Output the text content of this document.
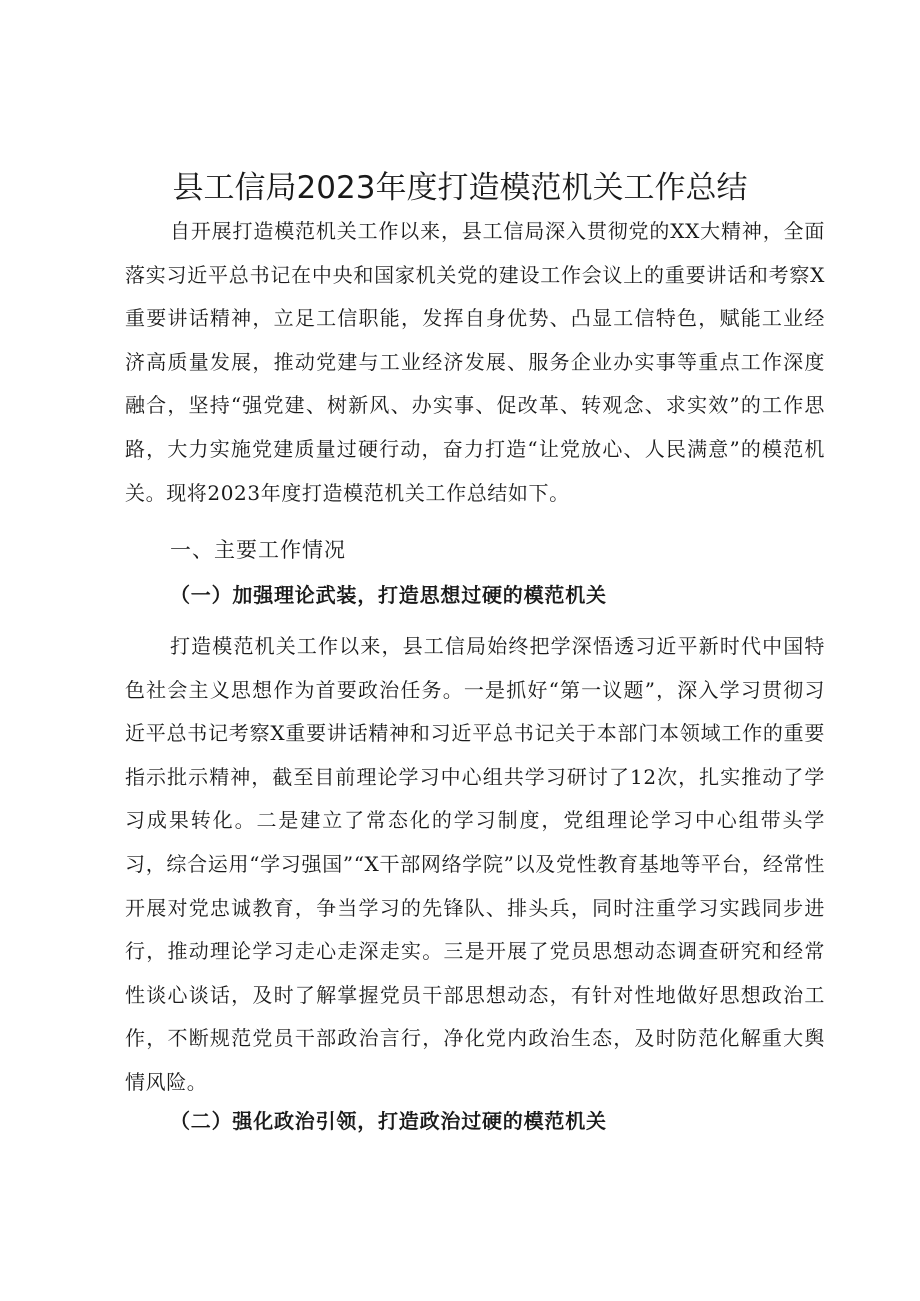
县工信局2023年度打造模范机关工作总结

自开展打造模范机关工作以来，县工信局深入贯彻党的XX大精神，全面落实习近平总书记在中央和国家机关党的建设工作会议上的重要讲话和考察X重要讲话精神，立足工信职能，发挥自身优势、凸显工信特色，赋能工业经济高质量发展，推动党建与工业经济发展、服务企业办实事等重点工作深度融合，坚持“强党建、树新风、办实事、促改革、转观念、求实效”的工作思路，大力实施党建质量过硬行动，奋力打造“让党放心、人民满意”的模范机关。现将2023年度打造模范机关工作总结如下。

一、主要工作情况
（一）加强理论武装，打造思想过硬的模范机关

打造模范机关工作以来，县工信局始终把学深悟透习近平新时代中国特色社会主义思想作为首要政治任务。一是抓好“第一议题”，深入学习贯彻习近平总书记考察X重要讲话精神和习近平总书记关于本部门本领域工作的重要指示批示精神，截至目前理论学习中心组共学习研讨了12次，扎实推动了学习成果转化。二是建立了常态化的学习制度，党组理论学习中心组带头学习，综合运用“学习强国”“X干部网络学院”以及党性教育基地等平台，经常性开展对党忠诚教育，争当学习的先锋队、排头兵，同时注重学习实践同步进行，推动理论学习走心走深走实。三是开展了党员思想动态调查研究和经常性谈心谈话，及时了解掌握党员干部思想动态，有针对性地做好思想政治工作，不断规范党员干部政治言行，净化党内政治生态，及时防范化解重大舆情风险。

（二）强化政治引领，打造政治过硬的模范机关
